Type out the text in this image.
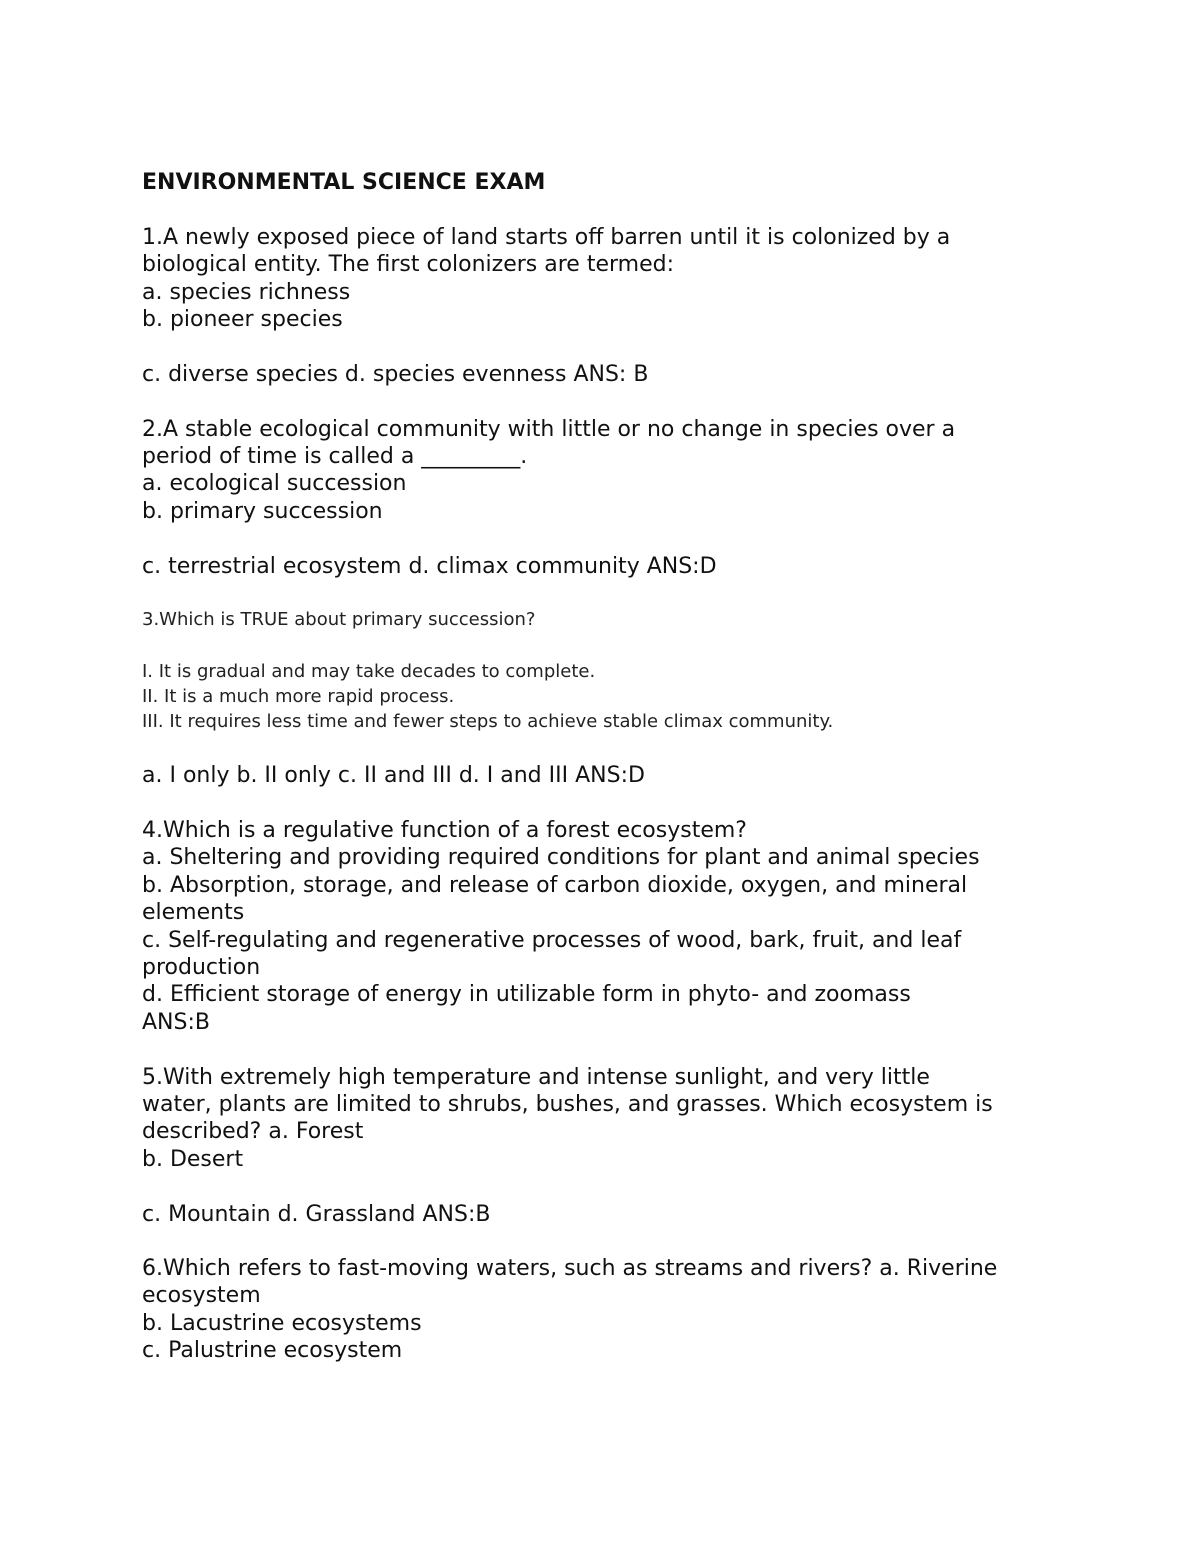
ENVIRONMENTAL SCIENCE EXAM
1.A newly exposed piece of land starts off barren until it is colonized by a
biological entity. The first colonizers are termed:
a. species richness
b. pioneer species
c. diverse species d. species evenness ANS: B
2.A stable ecological community with little or no change in species over a
period of time is called a _________.
a. ecological succession
b. primary succession
c. terrestrial ecosystem d. climax community ANS:D
3.Which is TRUE about primary succession?
I. It is gradual and may take decades to complete.
II. It is a much more rapid process.
III. It requires less time and fewer steps to achieve stable climax community.
a. I only b. II only c. II and III d. I and III ANS:D
4.Which is a regulative function of a forest ecosystem?
a. Sheltering and providing required conditions for plant and animal species
b. Absorption, storage, and release of carbon dioxide, oxygen, and mineral
elements
c. Self-regulating and regenerative processes of wood, bark, fruit, and leaf
production
d. Efficient storage of energy in utilizable form in phyto- and zoomass
ANS:B
5.With extremely high temperature and intense sunlight, and very little
water, plants are limited to shrubs, bushes, and grasses. Which ecosystem is
described? a. Forest
b. Desert
c. Mountain d. Grassland ANS:B
6.Which refers to fast-moving waters, such as streams and rivers? a. Riverine
ecosystem
b. Lacustrine ecosystems
c. Palustrine ecosystem
